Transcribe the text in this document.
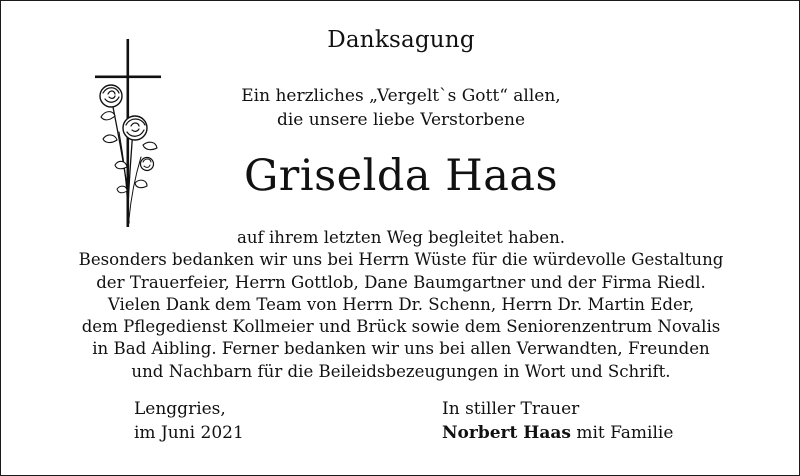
Danksagung
Ein herzliches „Vergelt`s Gott“ allen,
die unsere liebe Verstorbene
Griselda Haas
auf ihrem letzten Weg begleitet haben.
Besonders bedanken wir uns bei Herrn Wüste für die würdevolle Gestaltung
der Trauerfeier, Herrn Gottlob, Dane Baumgartner und der Firma Riedl.
Vielen Dank dem Team von Herrn Dr. Schenn, Herrn Dr. Martin Eder,
dem Pflegedienst Kollmeier und Brück sowie dem Seniorenzentrum Novalis
in Bad Aibling. Ferner bedanken wir uns bei allen Verwandten, Freunden
und Nachbarn für die Beileidsbezeugungen in Wort und Schrift.
Lenggries,
im Juni 2021
In stiller Trauer
Norbert Haas mit Familie
